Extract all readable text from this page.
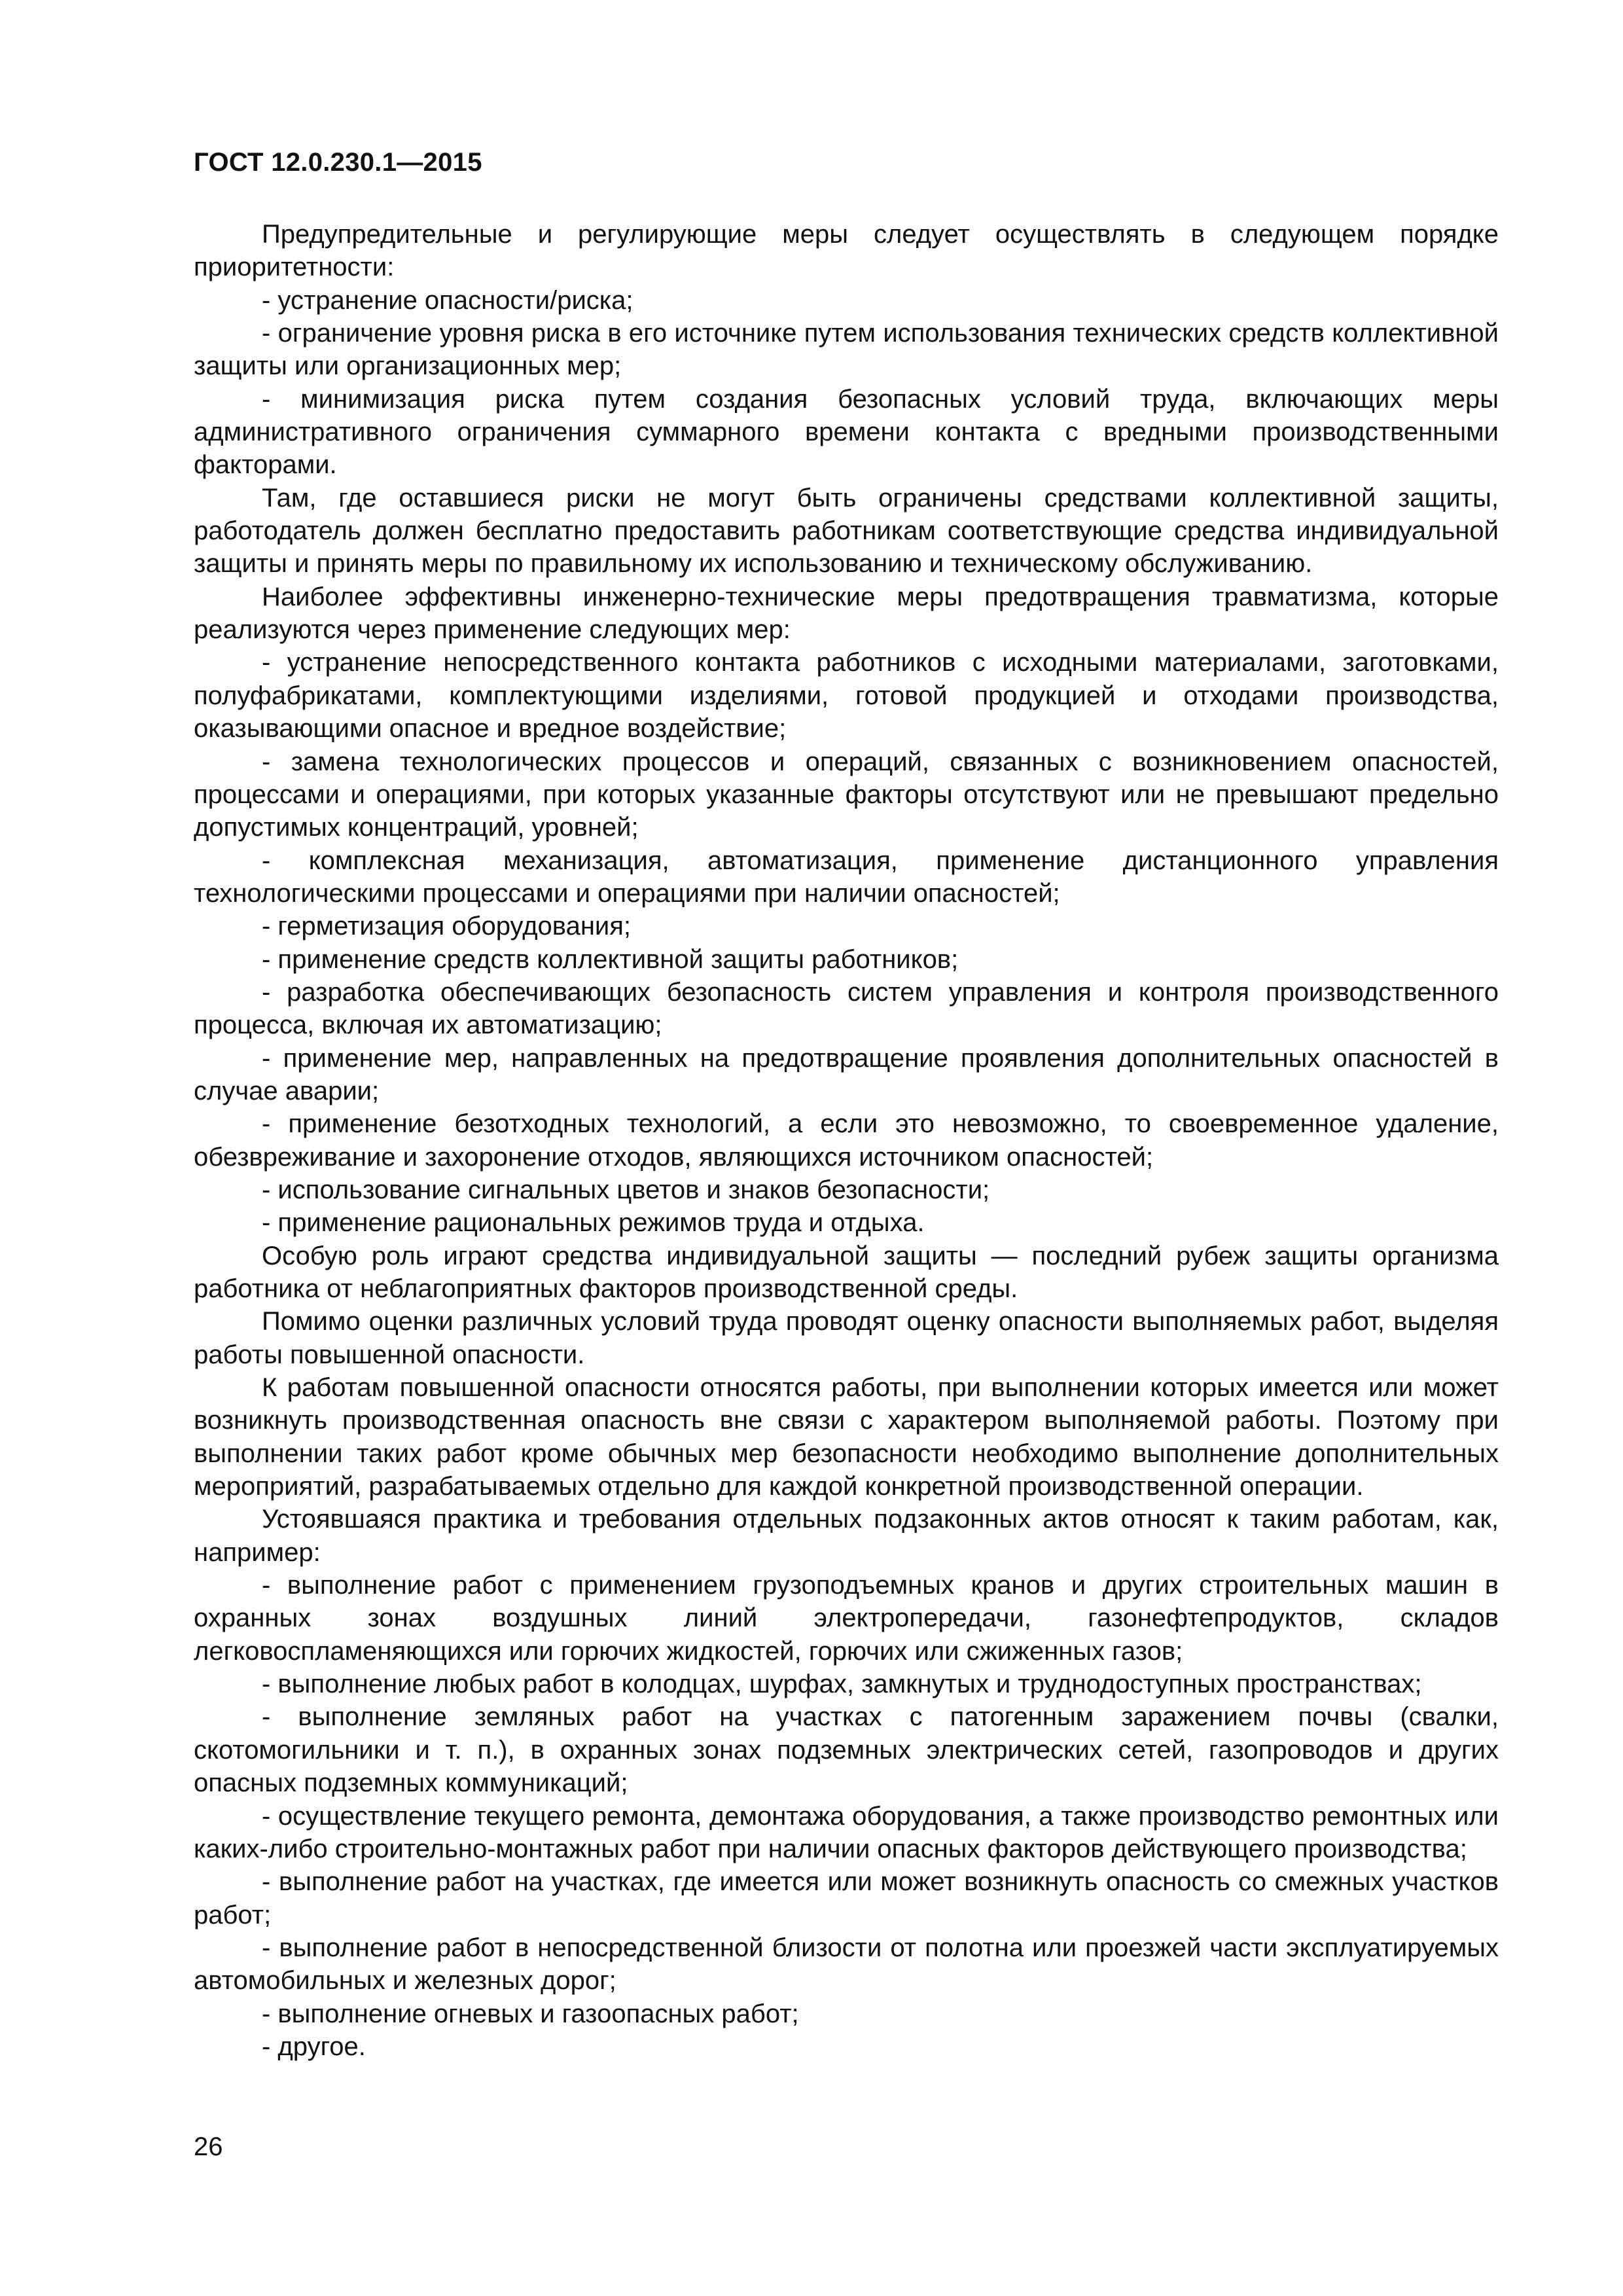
ГОСТ 12.0.230.1—2015

Предупредительные и регулирующие меры следует осуществлять в следующем порядке приоритетности:

- устранение опасности/риска;

- ограничение уровня риска в его источнике путем использования технических средств коллективной защиты или организационных мер;

- минимизация риска путем создания безопасных условий труда, включающих меры административного ограничения суммарного времени контакта с вредными производственными факторами.

Там, где оставшиеся риски не могут быть ограничены средствами коллективной защиты, работодатель должен бесплатно предоставить работникам соответствующие средства индивидуальной защиты и принять меры по правильному их использованию и техническому обслуживанию.

Наиболее эффективны инженерно-технические меры предотвращения травматизма, которые реализуются через применение следующих мер:

- устранение непосредственного контакта работников с исходными материалами, заготовками, полуфабрикатами, комплектующими изделиями, готовой продукцией и отходами производства, оказывающими опасное и вредное воздействие;

- замена технологических процессов и операций, связанных с возникновением опасностей, процессами и операциями, при которых указанные факторы отсутствуют или не превышают предельно допустимых концентраций, уровней;

- комплексная механизация, автоматизация, применение дистанционного управления технологическими процессами и операциями при наличии опасностей;

- герметизация оборудования;

- применение средств коллективной защиты работников;

- разработка обеспечивающих безопасность систем управления и контроля производственного процесса, включая их автоматизацию;

- применение мер, направленных на предотвращение проявления дополнительных опасностей в случае аварии;

- применение безотходных технологий, а если это невозможно, то своевременное удаление, обезвреживание и захоронение отходов, являющихся источником опасностей;

- использование сигнальных цветов и знаков безопасности;

- применение рациональных режимов труда и отдыха.

Особую роль играют средства индивидуальной защиты — последний рубеж защиты организма работника от неблагоприятных факторов производственной среды.

Помимо оценки различных условий труда проводят оценку опасности выполняемых работ, выделяя работы повышенной опасности.

К работам повышенной опасности относятся работы, при выполнении которых имеется или может возникнуть производственная опасность вне связи с характером выполняемой работы. Поэтому при выполнении таких работ кроме обычных мер безопасности необходимо выполнение дополнительных мероприятий, разрабатываемых отдельно для каждой конкретной производственной операции.

Устоявшаяся практика и требования отдельных подзаконных актов относят к таким работам, как, например:

- выполнение работ с применением грузоподъемных кранов и других строительных машин в охранных зонах воздушных линий электропередачи, газонефтепродуктов, складов легковоспламеняющихся или горючих жидкостей, горючих или сжиженных газов;

- выполнение любых работ в колодцах, шурфах, замкнутых и труднодоступных пространствах;

- выполнение земляных работ на участках с патогенным заражением почвы (свалки, скотомогильники и т. п.), в охранных зонах подземных электрических сетей, газопроводов и других опасных подземных коммуникаций;

- осуществление текущего ремонта, демонтажа оборудования, а также производство ремонтных или каких-либо строительно-монтажных работ при наличии опасных факторов действующего производства;

- выполнение работ на участках, где имеется или может возникнуть опасность со смежных участков работ;

- выполнение работ в непосредственной близости от полотна или проезжей части эксплуатируемых автомобильных и железных дорог;

- выполнение огневых и газоопасных работ;

- другое.

26
